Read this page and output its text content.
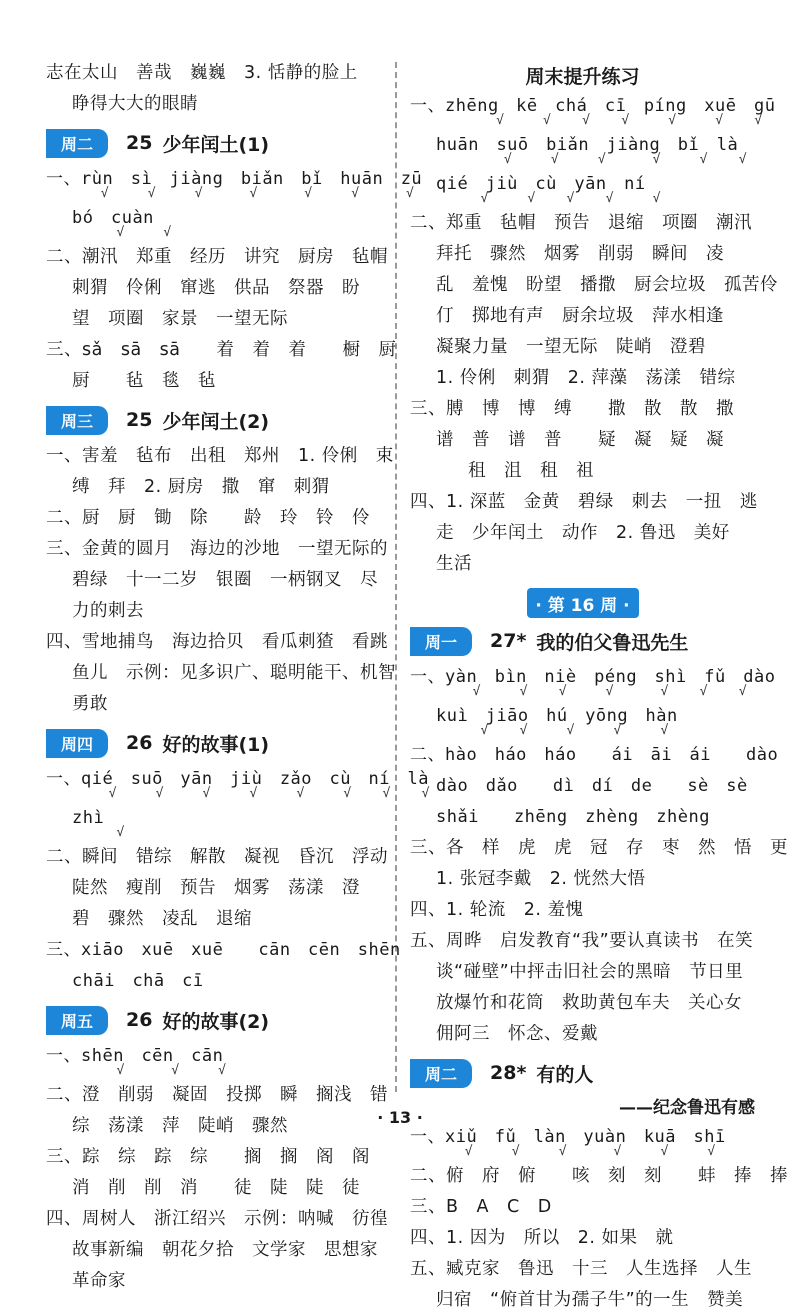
志在太山　善哉　巍巍　3. 恬静的脸上
睁得大大的眼睛
周二	25 少年闰土(1)
一、rùn　sì　jiàng　biǎn　bǐ　huān　zū
√     √     √      √      √     √      √
bó　cuàn
√     √
二、潮汛　郑重　经历　讲究　厨房　毡帽
刺猬　伶俐　窜逃　供品　祭器　盼
望　项圈　家景　一望无际
三、sǎ　sā　sā　　着　着　着　　橱　厨
厨　　毡　毯　毡
周三	25 少年闰土(2)
一、害羞　毡布　出租　郑州　1. 伶俐　束
缚　拜　2. 厨房　撒　窜　刺猬
二、厨　厨　锄　除　　龄　玲　铃　伶
三、金黄的圆月　海边的沙地　一望无际的
碧绿　十一二岁　银圈　一柄钢叉　尽
力的刺去
四、雪地捕鸟　海边拾贝　看瓜刺猹　看跳
鱼儿　示例：见多识广、聪明能干、机智
勇敢
周四	26 好的故事(1)
一、qié　suō　yān　jiù　zǎo　cù　ní　là
√     √     √     √     √     √    √    √
zhì
√
二、瞬间　错综　解散　凝视　昏沉　浮动
陡然　瘦削　预告　烟雾　荡漾　澄
碧　骤然　凌乱　退缩
三、xiāo　xuē　xuē　　cān　cēn　shēn
chāi　chā　cī
周五	26 好的故事(2)
一、shēn　cēn　cān
√      √     √
二、澄　削弱　凝固　投掷　瞬　搁浅　错
综　荡漾　萍　陡峭　骤然
三、踪　综　踪　综　　搁　搁　阁　阁
消　削　削　消　　徒　陡　陡　徒
四、周树人　浙江绍兴　示例：呐喊　彷徨
故事新编　朝花夕拾　文学家　思想家
革命家
周末提升练习
一、zhēng　kē　chá　cī　píng　xuē　gū
√     √    √    √     √     √    √
huān　suō　biǎn　jiàng　bǐ　là
√     √     √      √     √    √
qié　jiù　cù　yān　ní
√     √    √    √     √
二、郑重　毡帽　预告　退缩　项圈　潮汛
拜托　骤然　烟雾　削弱　瞬间　凌
乱　羞愧　盼望　播撒　厨会垃圾　孤苦伶
仃　掷地有声　厨余垃圾　萍水相逢
凝聚力量　一望无际　陡峭　澄碧
1. 伶俐　刺猬　2. 萍藻　荡漾　错综
三、膊　博　博　缚　　撒　散　散　撒
谱　普　谱　普　　疑　凝　疑　凝
租　沮　租　祖
四、1. 深蓝　金黄　碧绿　刺去　一扭　逃
走　少年闰土　动作　2. 鲁迅　美好
生活
· 第 16 周 ·
周一	27* 我的伯父鲁迅先生
一、yàn　bìn　niè　péng　shì　fǔ　dào
√     √    √     √      √    √    √
kuì　jiāo　hú　yōng　hàn
√    √     √     √     √
二、hào　háo　háo　　ái　āi　ái　　dào
dào　dǎo　　dì　dí　de　　sè　sè
shǎi　　zhēng　zhèng　zhèng
三、各　样　虎　虎　冠　存　枣　然　悟　更
1. 张冠李戴　2. 恍然大悟
四、1. 轮流　2. 羞愧
五、周晔　启发教育“我”要认真读书　在笑
谈“碰壁”中抨击旧社会的黑暗　节日里
放爆竹和花筒　救助黄包车夫　关心女
佣阿三　怀念、爱戴
周二	28* 有的人
——纪念鲁迅有感
一、xiǔ　fǔ　làn　yuàn　kuā　shī
√     √     √      √     √     √
二、俯　府　俯　　咳　刻　刻　　蚌　捧　捧
三、B　A　C　D
四、1. 因为　所以　2. 如果　就
五、臧克家　鲁迅　十三　人生选择　人生
归宿　“俯首甘为孺子牛”的一生　赞美
· 13 ·
